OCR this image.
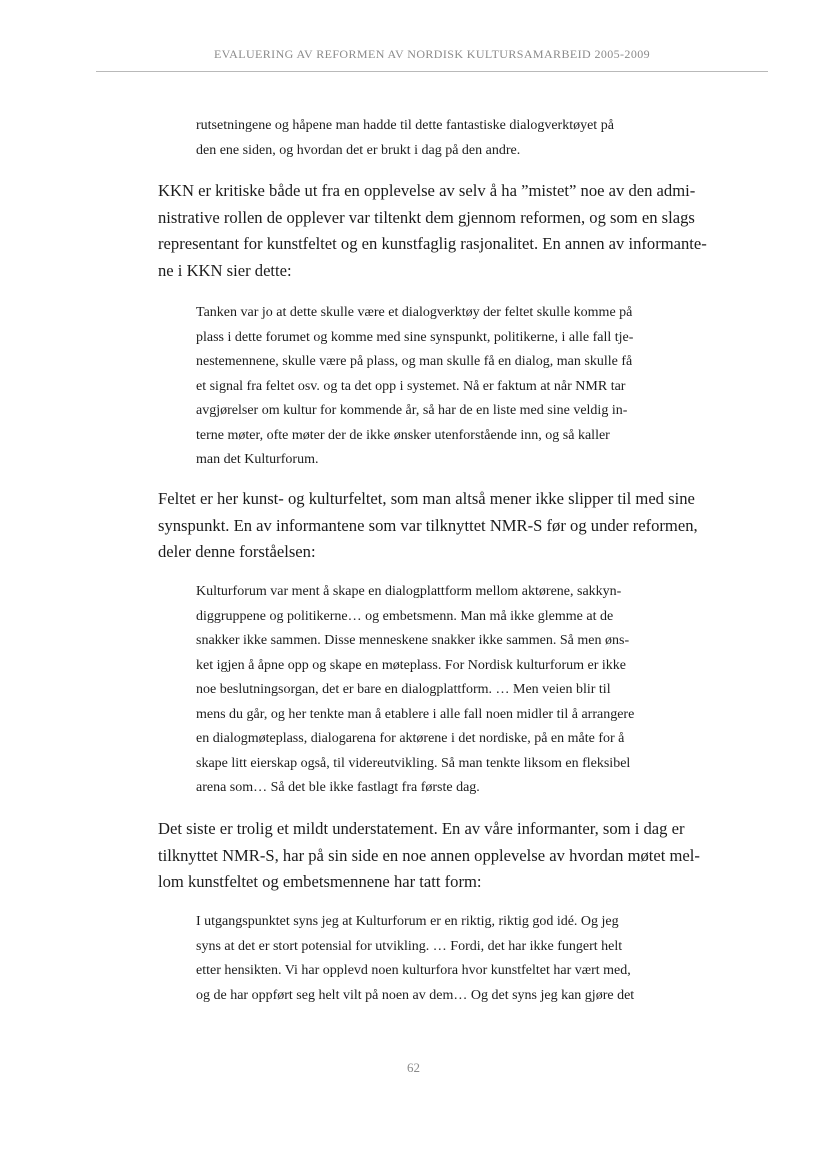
EVALUERING AV REFORMEN AV NORDISK KULTURSAMARBEID 2005-2009
rutsetningene og håpene man hadde til dette fantastiske dialogverktøyet på
den ene siden, og hvordan det er brukt i dag på den andre.
KKN er kritiske både ut fra en opplevelse av selv å ha ”mistet” noe av den admi-
nistrative rollen de opplever var tiltenkt dem gjennom reformen, og som en slags
representant for kunstfeltet og en kunstfaglig rasjonalitet. En annen av informante-
ne i KKN sier dette:
Tanken var jo at dette skulle være et dialogverktøy der feltet skulle komme på
plass i dette forumet og komme med sine synspunkt, politikerne, i alle fall tje-
nestemennene, skulle være på plass, og man skulle få en dialog, man skulle få
et signal fra feltet osv. og ta det opp i systemet. Nå er faktum at når NMR tar
avgjørelser om kultur for kommende år, så har de en liste med sine veldig in-
terne møter, ofte møter der de ikke ønsker utenforstående inn, og så kaller
man det Kulturforum.
Feltet er her kunst- og kulturfeltet, som man altså mener ikke slipper til med sine
synspunkt. En av informantene som var tilknyttet NMR-S før og under reformen,
deler denne forståelsen:
Kulturforum var ment å skape en dialogplattform mellom aktørene, sakkyn-
diggruppene og politikerne… og embetsmenn. Man må ikke glemme at de
snakker ikke sammen. Disse menneskene snakker ikke sammen. Så men øns-
ket igjen å åpne opp og skape en møteplass. For Nordisk kulturforum er ikke
noe beslutningsorgan, det er bare en dialogplattform. … Men veien blir til
mens du går, og her tenkte man å etablere i alle fall noen midler til å arrangere
en dialogmøteplass, dialogarena for aktørene i det nordiske, på en måte for å
skape litt eierskap også, til videreutvikling. Så man tenkte liksom en fleksibel
arena som… Så det ble ikke fastlagt fra første dag.
Det siste er trolig et mildt understatement. En av våre informanter, som i dag er
tilknyttet NMR-S, har på sin side en noe annen opplevelse av hvordan møtet mel-
lom kunstfeltet og embetsmennene har tatt form:
I utgangspunktet syns jeg at Kulturforum er en riktig, riktig god idé. Og jeg
syns at det er stort potensial for utvikling. … Fordi, det har ikke fungert helt
etter hensikten. Vi har opplevd noen kulturfora hvor kunstfeltet har vært med,
og de har oppført seg helt vilt på noen av dem… Og det syns jeg kan gjøre det
62
